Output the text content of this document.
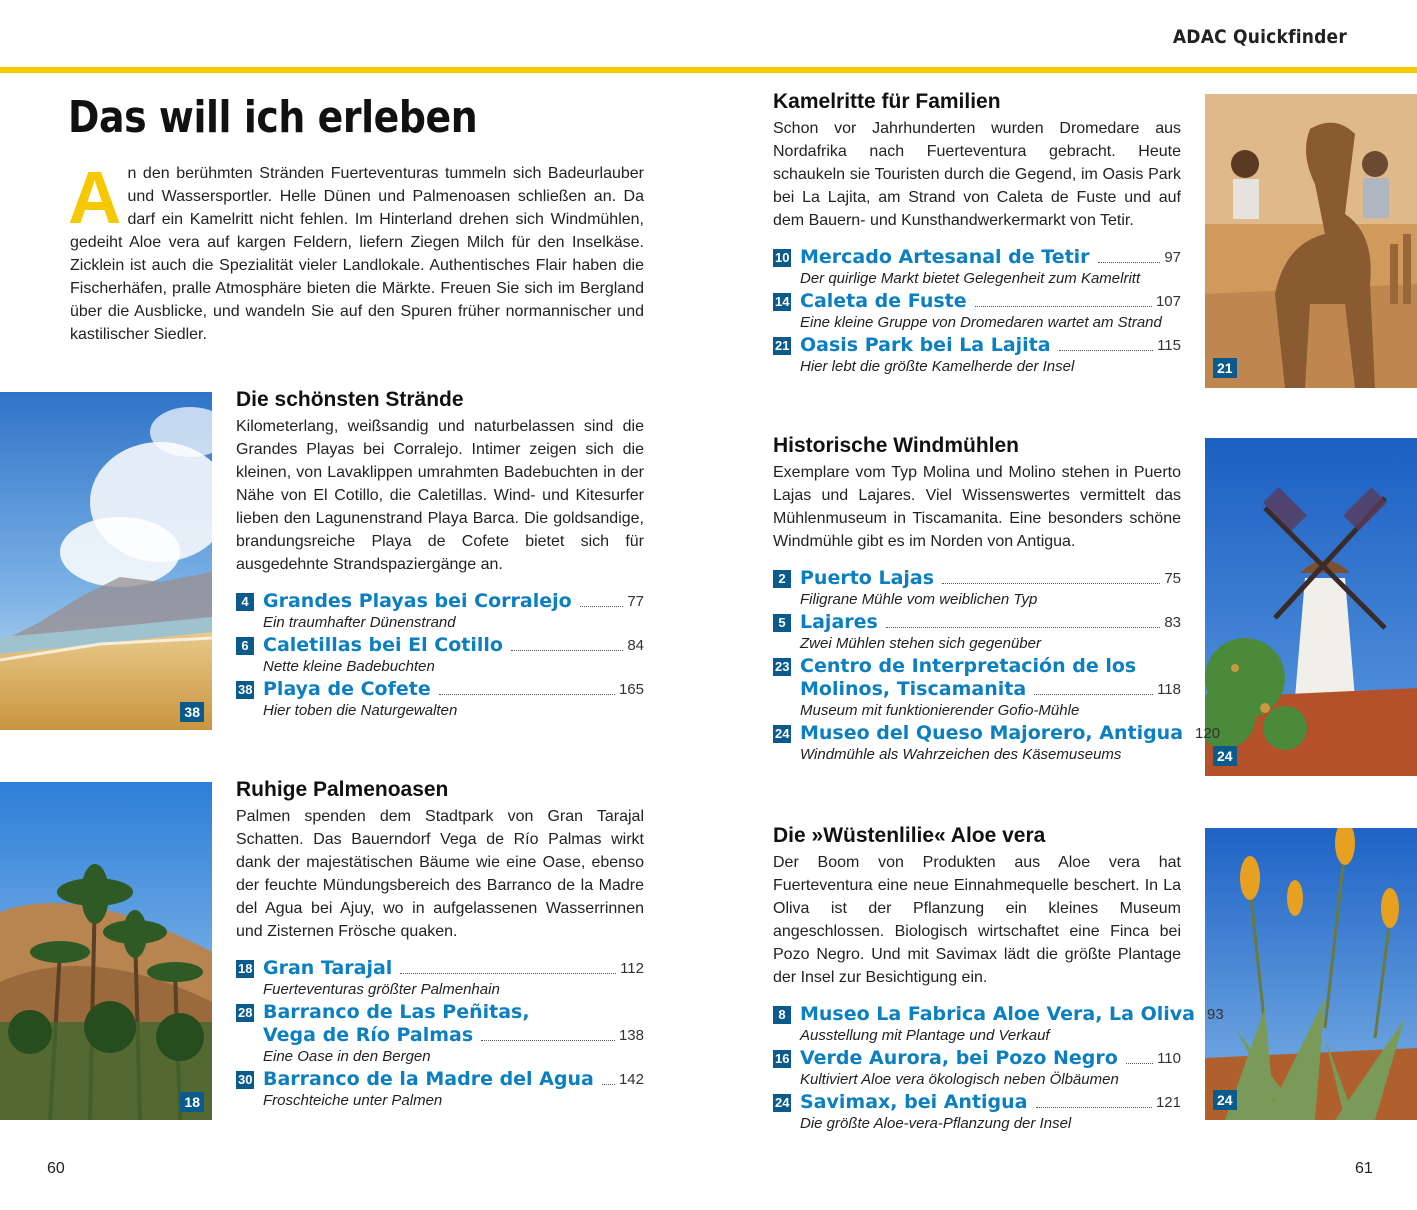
ADAC Quickfinder
Das will ich erleben
An den berühmten Stränden Fuerteventuras tummeln sich Badeurlauber und Wassersportler. Helle Dünen und Palmenoasen schließen an. Da darf ein Kamelritt nicht fehlen. Im Hinterland drehen sich Windmühlen, gedeiht Aloe vera auf kargen Feldern, liefern Ziegen Milch für den Inselkäse. Zicklein ist auch die Spezialität vieler Landlokale. Authentisches Flair haben die Fischerhäfen, pralle Atmosphäre bieten die Märkte. Freuen Sie sich im Bergland über die Ausblicke, und wandeln Sie auf den Spuren früher normannischer und kastilischer Siedler.
38
18
21
24
24
Die schönsten Strände
Kilometerlang, weißsandig und naturbelassen sind die Grandes Playas bei Corralejo. Intimer zeigen sich die kleinen, von Lavaklippen umrahmten Badebuchten in der Nähe von El Cotillo, die Caletillas. Wind- und Kitesurfer lieben den Lagunenstrand Playa Barca. Die goldsandige, brandungsreiche Playa de Cofete bietet sich für ausgedehnte Strandspaziergänge an.
4 Grandes Playas bei Corralejo	77
Ein traumhafter Dünenstrand
6 Caletillas bei El Cotillo	84
Nette kleine Badebuchten
38 Playa de Cofete	165
Hier toben die Naturgewalten
Ruhige Palmenoasen
Palmen spenden dem Stadtpark von Gran Tarajal Schatten. Das Bauerndorf Vega de Río Palmas wirkt dank der majestätischen Bäume wie eine Oase, ebenso der feuchte Mündungsbereich des Barranco de la Madre del Agua bei Ajuy, wo in aufgelassenen Wasserrinnen und Zisternen Frösche quaken.
18 Gran Tarajal	112
Fuerteventuras größter Palmenhain
28 Barranco de Las Peñitas,
Vega de Río Palmas	138
Eine Oase in den Bergen
30 Barranco de la Madre del Agua 142
Froschteiche unter Palmen
Kamelritte für Familien
Schon vor Jahrhunderten wurden Dromedare aus Nordafrika nach Fuerteventura gebracht. Heute schaukeln sie Touristen durch die Gegend, im Oasis Park bei La Lajita, am Strand von Caleta de Fuste und auf dem Bauern- und Kunsthandwerkermarkt von Tetir.
10 Mercado Artesanal de Tetir	97
Der quirlige Markt bietet Gelegenheit zum Kamelritt
14 Caleta de Fuste	107
Eine kleine Gruppe von Dromedaren wartet am Strand
21 Oasis Park bei La Lajita	115
Hier lebt die größte Kamelherde der Insel
Historische Windmühlen
Exemplare vom Typ Molina und Molino stehen in Puerto Lajas und Lajares. Viel Wissenswertes vermittelt das Mühlenmuseum in Tiscamanita. Eine besonders schöne Windmühle gibt es im Norden von Antigua.
2 Puerto Lajas	75
Filigrane Mühle vom weiblichen Typ
5 Lajares	83
Zwei Mühlen stehen sich gegenüber
23 Centro de Interpretación de los
Molinos, Tiscamanita	118
Museum mit funktionierender Gofio-Mühle
24 Museo del Queso Majorero, Antigua 120
Windmühle als Wahrzeichen des Käsemuseums
Die »Wüstenlilie« Aloe vera
Der Boom von Produkten aus Aloe vera hat Fuerteventura eine neue Einnahmequelle beschert. In La Oliva ist der Pflanzung ein kleines Museum angeschlossen. Biologisch wirtschaftet eine Finca bei Pozo Negro. Und mit Savimax lädt die größte Plantage der Insel zur Besichtigung ein.
8 Museo La Fabrica Aloe Vera, La Oliva 93
Ausstellung mit Plantage und Verkauf
16 Verde Aurora, bei Pozo Negro	110
Kultiviert Aloe vera ökologisch neben Ölbäumen
24 Savimax, bei Antigua	121
Die größte Aloe-vera-Pflanzung der Insel
60	61
